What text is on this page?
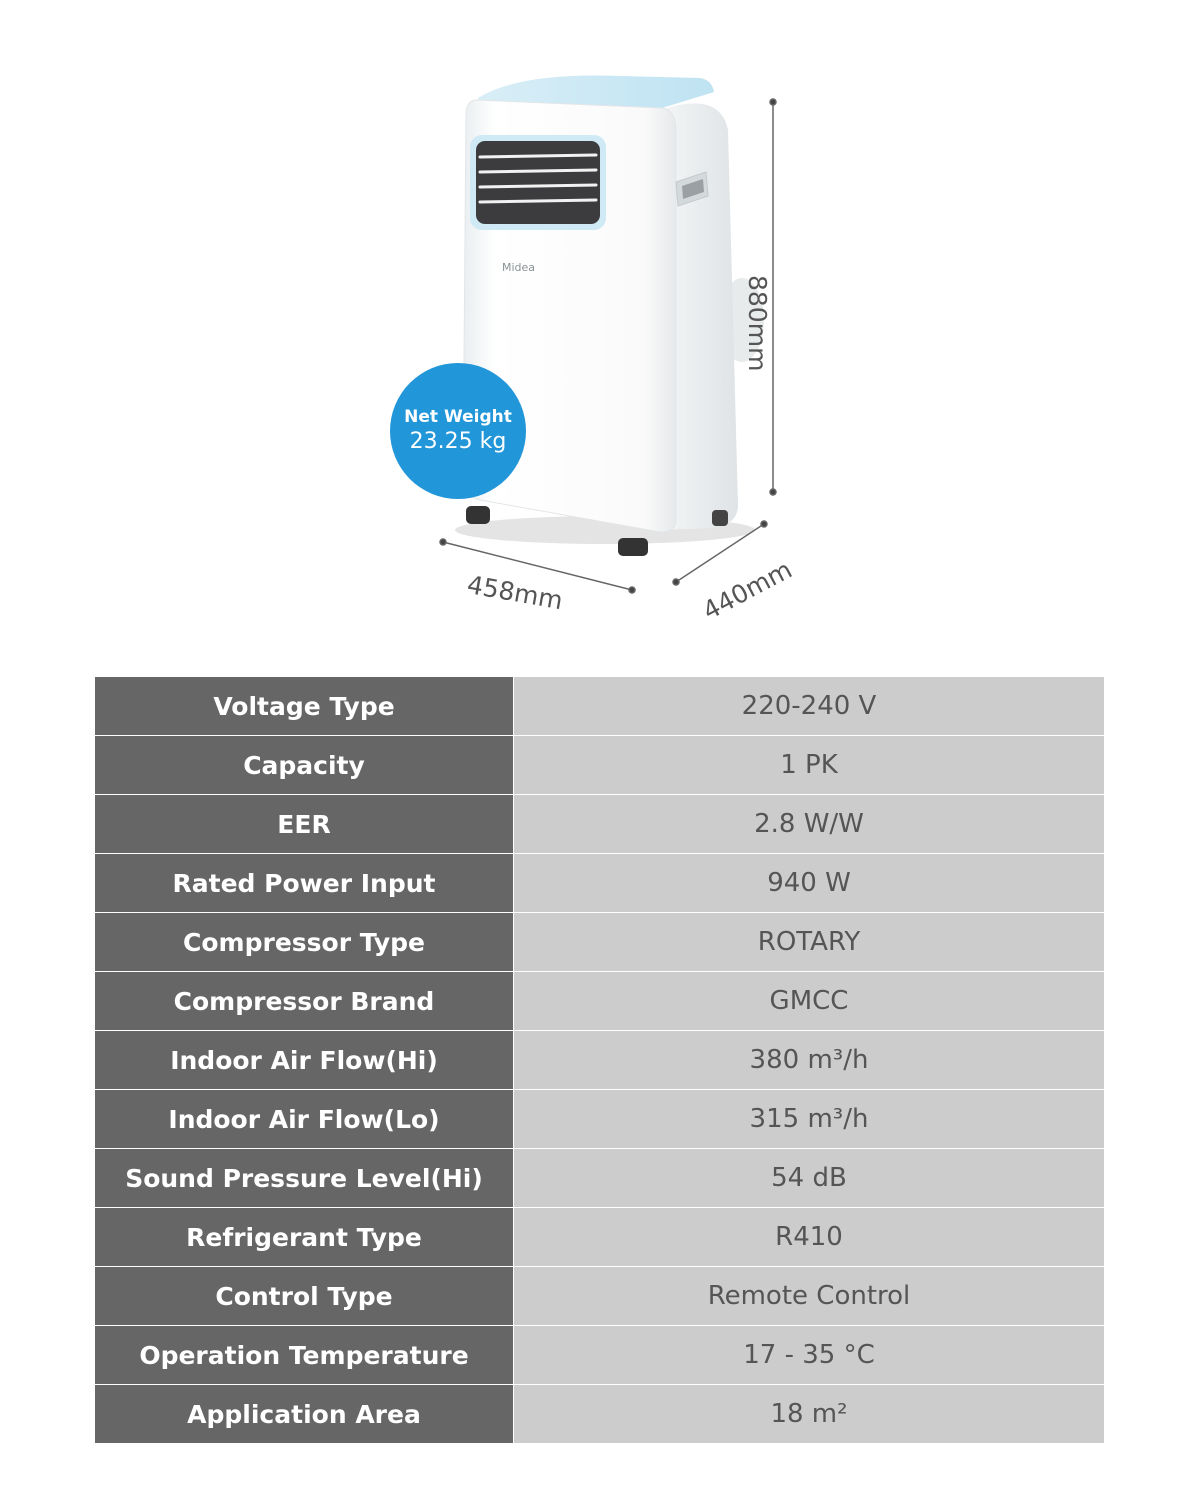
Midea
Net Weight
23.25 kg
880mm
458mm	440mm
Voltage Type	220-240 V
Capacity	1 PK
EER	2.8 W/W
Rated Power Input	940 W
Compressor Type	ROTARY
Compressor Brand	GMCC
Indoor Air Flow(Hi)	380 m³/h
Indoor Air Flow(Lo)	315 m³/h
Sound Pressure Level(Hi)	54 dB
Refrigerant Type	R410
Control Type	Remote Control
Operation Temperature	17 - 35 °C
Application Area	18 m²
